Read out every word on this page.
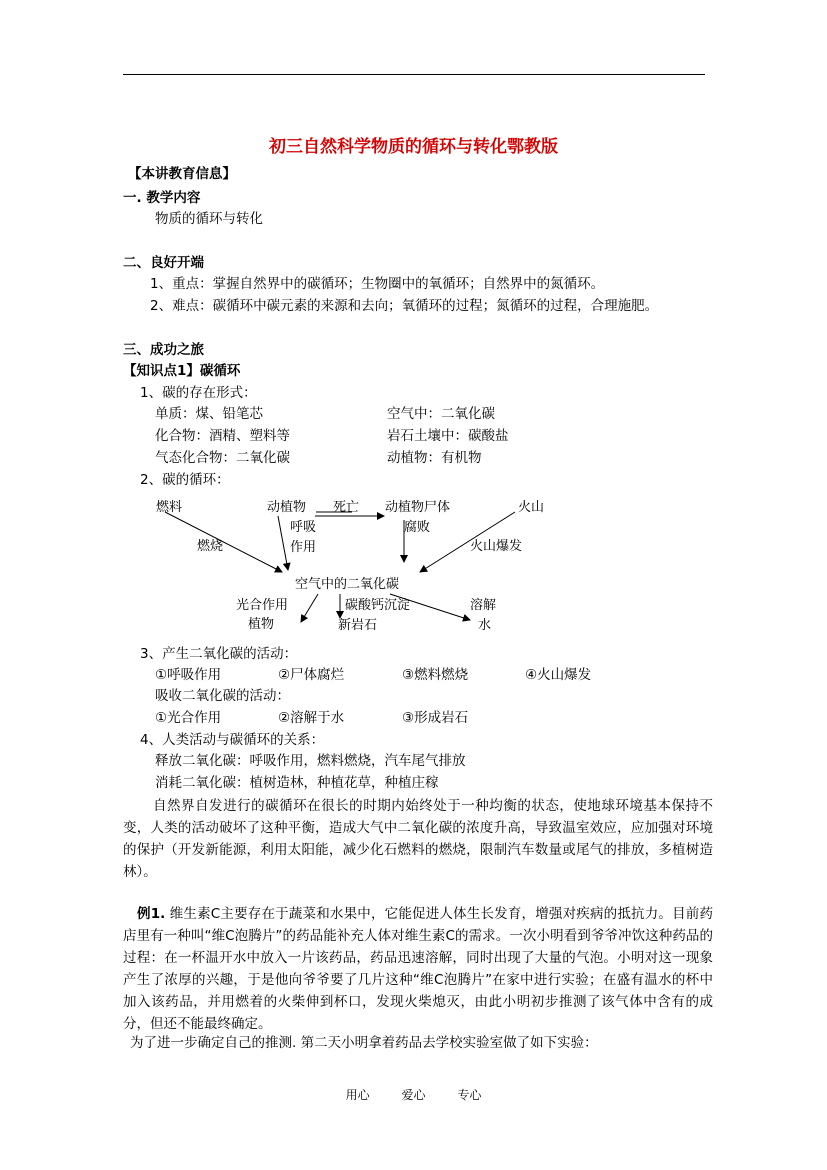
初三自然科学物质的循环与转化鄂教版
【本讲教育信息】
一. 教学内容
物质的循环与转化
二、良好开端
1、重点：掌握自然界中的碳循环；生物圈中的氧循环；自然界中的氮循环。
2、难点：碳循环中碳元素的来源和去向；氧循环的过程；氮循环的过程，合理施肥。
三、成功之旅
【知识点1】碳循环
1、碳的存在形式：
单质：煤、铅笔芯	空气中：二氧化碳
化合物：酒精、塑料等	岩石土壤中：碳酸盐
气态化合物：二氧化碳	动植物：有机物
2、碳的循环：
燃料
燃烧
动植物
呼吸
作用
死亡 动植物尸体
腐败
火山
火山爆发
空气中的二氧化碳
光合作用
植物
碳酸钙沉淀
新岩石
溶解
水
3、产生二氧化碳的活动：
①呼吸作用	②尸体腐烂	③燃料燃烧	④火山爆发
吸收二氧化碳的活动：
①光合作用	②溶解于水	③形成岩石
4、人类活动与碳循环的关系：
释放二氧化碳：呼吸作用，燃料燃烧，汽车尾气排放
消耗二氧化碳：植树造林，种植花草，种植庄稼
自然界自发进行的碳循环在很长的时期内始终处于一种均衡的状态，使地球环境基本保持不变，人类的活动破坏了这种平衡，造成大气中二氧化碳的浓度升高，导致温室效应，应加强对环境的保护（开发新能源，利用太阳能，减少化石燃料的燃烧，限制汽车数量或尾气的排放，多植树造林）。
例1. 维生素C主要存在于蔬菜和水果中，它能促进人体生长发育，增强对疾病的抵抗力。目前药店里有一种叫“维C泡腾片”的药品能补充人体对维生素C的需求。一次小明看到爷爷冲饮这种药品的过程：在一杯温开水中放入一片该药品，药品迅速溶解，同时出现了大量的气泡。小明对这一现象产生了浓厚的兴趣，于是他向爷爷要了几片这种“维C泡腾片”在家中进行实验；在盛有温水的杯中加入该药品，并用燃着的火柴伸到杯口，发现火柴熄灭，由此小明初步推测了该气体中含有的成分，但还不能最终确定。
为了进一步确定自己的推测. 第二天小明拿着药品去学校实验室做了如下实验：
用心	爱心	专心
